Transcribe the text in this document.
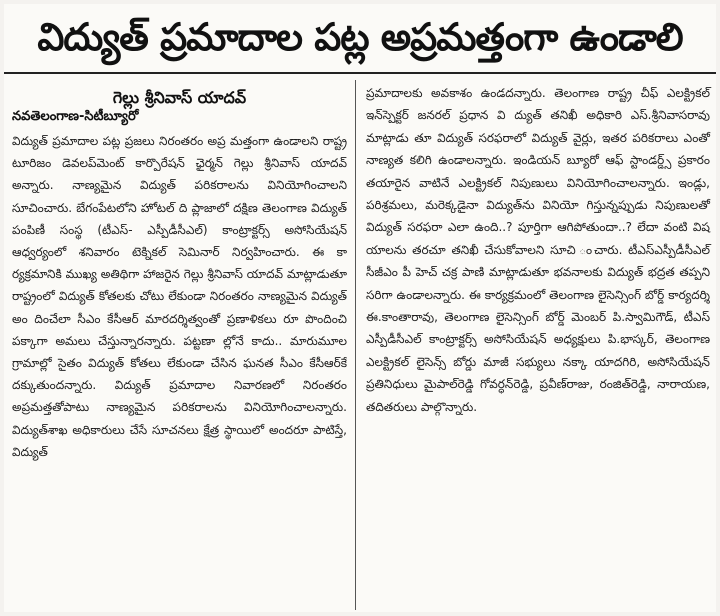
విద్యుత్ ప్రమాదాల పట్ల అప్రమత్తంగా ఉండాలి
గెల్లు శ్రీనివాస్ యాదవ్
నవతెలంగాణ-సిటీబ్యూరో

విద్యుత్ ప్రమాదాల పట్ల ప్రజలు నిరంతరం అప్ర మత్తంగా ఉండాలని రాష్ట్ర టూరిజం డెవలప్‌మెంట్ కార్పొరేషన్ ఛైర్మన్ గెల్లు శ్రీనివాస్ యాదవ్ అన్నారు. నాణ్యమైన విద్యుత్ పరికరాలను వినియోగించాలని సూచించారు. బేగంపేటలోని హోటల్ ది ప్లాజాలో దక్షిణ తెలంగాణ విద్యుత్ పంపిణీ సంస్థ (టీఎస్- ఎస్పీడీసీఎల్) కాంట్రాక్టర్స్ అసోసియేషన్ ఆధ్వర్యంలో శనివారం టెక్నికల్ సెమినార్ నిర్వహించారు. ఈ కా ర్యక్రమానికి ముఖ్య అతిథిగా హాజరైన గెల్లు శ్రీనివాస్ యాదవ్ మాట్లాడుతూ రాష్ట్రంలో విద్యుత్ కోతలకు చోటు లేకుండా నిరంతరం నాణ్యమైన విద్యుత్ అం దించేలా సీఎం కేసీఆర్ మారదర్శిత్వంతో ప్రణాళికలు రూ పొందించి పక్కాగా అమలు చేస్తున్నారన్నారు. పట్టణా ల్లోనే కాదు.. మారుమూల గ్రామాల్లో సైతం విద్యుత్ కోతలు లేకుండా చేసిన ఘనత సీఎం కేసీఆర్‌కే దక్కుతుందన్నారు. విద్యుత్ ప్రమాదాల నివారణలో నిరంతరం అప్రమత్తతోపాటు నాణ్యమైన పరికరాలను వినియోగించాలన్నారు. విద్యుత్‌శాఖ అధికారులు చేసే సూచనలు క్షేత్ర స్థాయిలో అందరూ పాటిస్తే, విద్యుత్

ప్రమాదాలకు అవకాశం ఉండదన్నారు. తెలంగాణ రాష్ట్ర చీఫ్ ఎలక్ట్రికల్ ఇన్‌స్పెక్టర్ జనరల్ ప్రధాన వి ద్యుత్ తనిఖీ అధికారి ఎస్.శ్రీనివాసరావు మాట్లాడు తూ విద్యుత్ సరఫరాలో విద్యుత్ వైర్లు, ఇతర పరికరాలు ఎంతో నాణ్యత కలిగి ఉండాలన్నారు. ఇండియన్ బ్యూరో ఆఫ్ స్టాండర్డ్స్ ప్రకారం తయారైన వాటినే ఎలక్ట్రికల్ నిపుణులు వినియోగించాలన్నారు. ఇండ్లు, పరిశ్రమలు, మరెక్కడైనా విద్యుత్‌ను వినియో గిస్తున్నప్పుడు నిపుణులతో విద్యుత్ సరఫరా ఎలా ఉంది..? పూర్తిగా ఆగిపోతుందా..? లేదా వంటి విష యాలను తరచూ తనిఖీ చేసుకోవాలని సూచి ంచారు. టీఎస్ఎస్పీడీసీఎల్ సీజీఎం పీ హెచ్ చక్ర పాణి మాట్లాడుతూ భవనాలకు విద్యుత్ భద్రత తప్పని సరిగా ఉండాలన్నారు. ఈ కార్యక్రమంలో తెలంగాణ లైసెన్సింగ్ బోర్డ్ కార్యదర్శి ఈ.కాంతారావు, తెలంగాణ లైసెన్సింగ్ బోర్డ్ మెంబర్ పి.స్వామిగౌడ్, టీఎస్ ఎస్పీడీసీఎల్ కాంట్రాక్టర్స్ అసోసియేషన్ అధ్యక్షులు పి.భాస్కర్, తెలంగాణ ఎలక్ట్రికల్ లైసెన్స్ బోర్డు మాజీ సభ్యులు నక్కా యాదగిరి, అసోసియేషన్ ప్రతినిధులు మైపాల్‌రెడ్డి గోవర్ధన్‌రెడ్డి, ప్రవీణ్‌రాజు, రంజిత్‌రెడ్డి, నారాయణ, తదితరులు పాల్గొన్నారు.
